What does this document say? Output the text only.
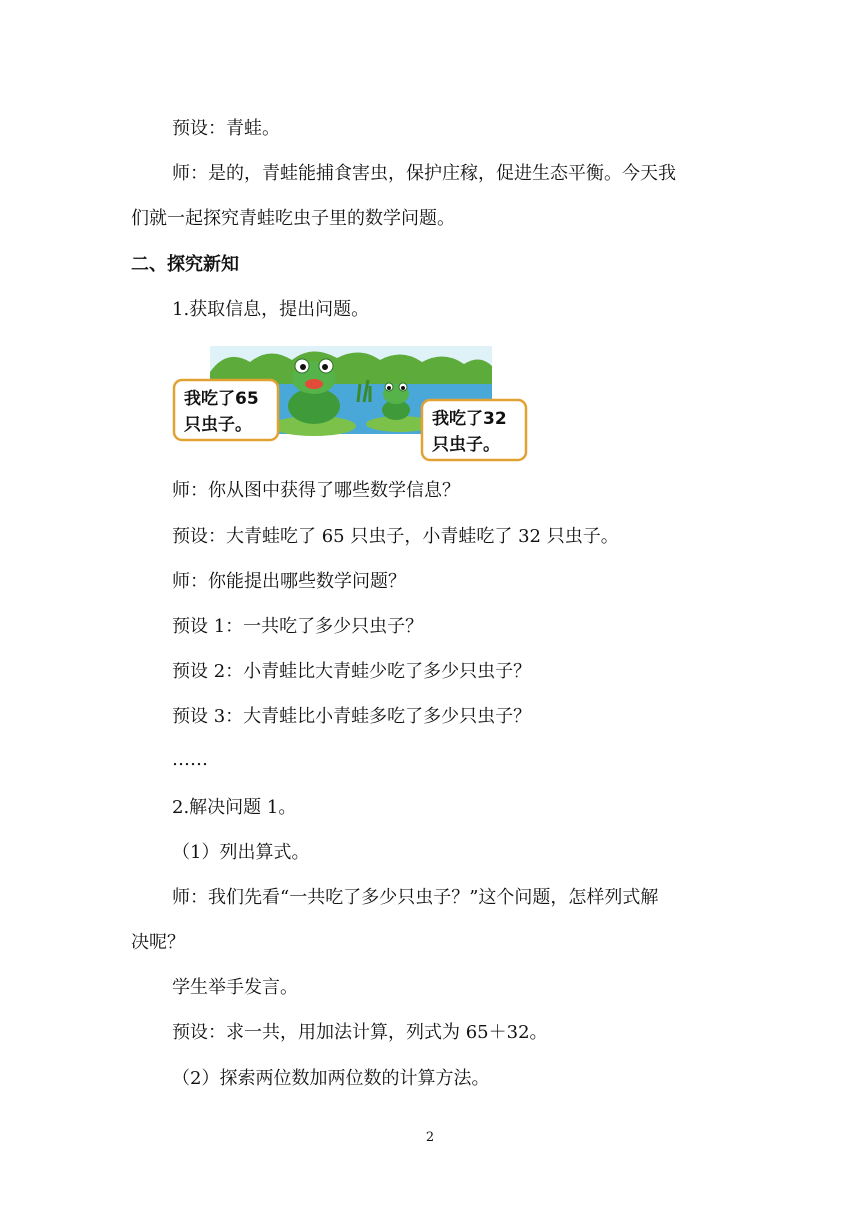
预设：青蛙。
师：是的，青蛙能捕食害虫，保护庄稼，促进生态平衡。今天我
们就一起探究青蛙吃虫子里的数学问题。
二、探究新知
1.获取信息，提出问题。
我吃了65
只虫子。	我吃了32
只虫子。
师：你从图中获得了哪些数学信息？
预设：大青蛙吃了 65 只虫子，小青蛙吃了 32 只虫子。
师：你能提出哪些数学问题？
预设 1：一共吃了多少只虫子？
预设 2：小青蛙比大青蛙少吃了多少只虫子？
预设 3：大青蛙比小青蛙多吃了多少只虫子？
……
2.解决问题 1。
（1）列出算式。
师：我们先看“一共吃了多少只虫子？”这个问题，怎样列式解
决呢？
学生举手发言。
预设：求一共，用加法计算，列式为 65＋32。
（2）探索两位数加两位数的计算方法。
2
